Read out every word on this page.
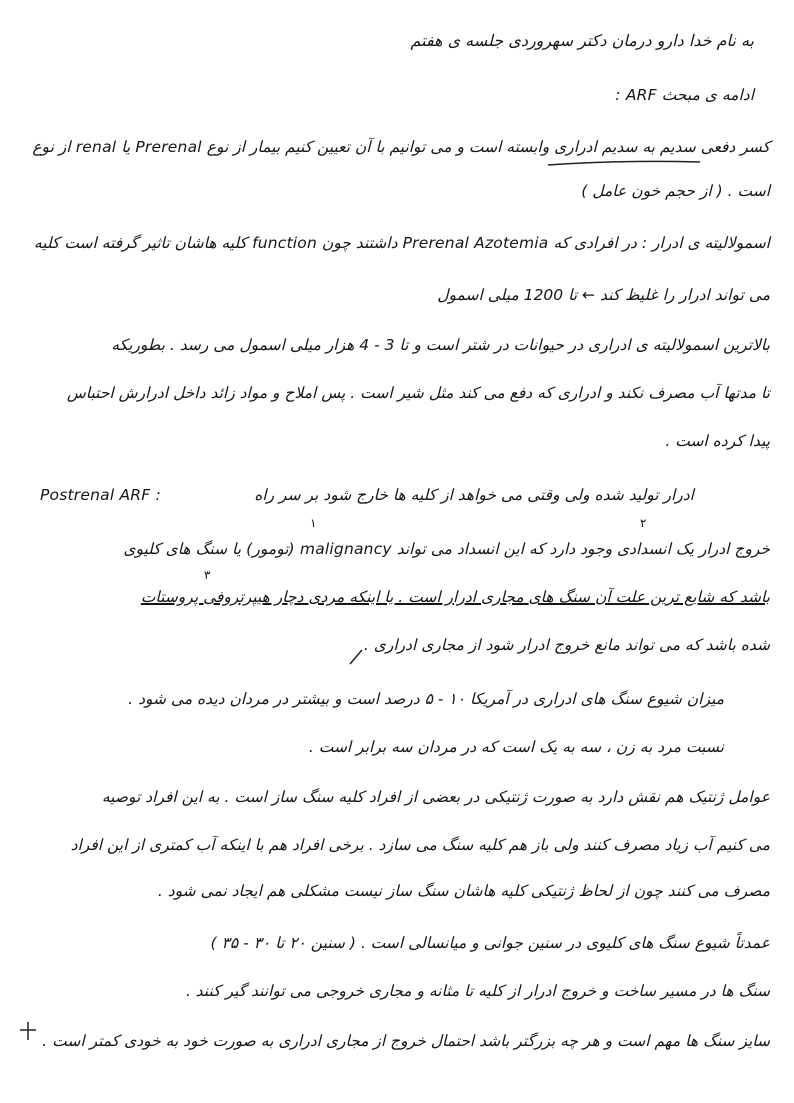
به نام خدا دارو درمان دکتر سهروردی جلسه ی هفتم
ادامه ی مبحث ARF :
کسر دفعی سدیم به سدیم ادراری وابسته است و می توانیم با آن تعیین کنیم بیمار از نوع Prerenal یا renal از نوع
است . ( از حجم خون عامل )
اسمولالیته ی ادرار : در افرادی که Prerenal Azotemia داشتند چون function کلیه هاشان تاثیر گرفته است کلیه
می تواند ادرار را غلیظ کند ← تا 1200 میلی اسمول
بالاترین اسمولالیته ی ادراری در حیوانات در شتر است و تا 3 - 4 هزار میلی اسمول می رسد . بطوریکه
تا مدتها آب مصرف نکند و ادراری که دفع می کند مثل شیر است . پس املاح و مواد زائد داخل ادرارش احتباس
پیدا کرده است .
ادرار تولید شده ولی وقتی می خواهد از کلیه ها خارج شود بر سر راه
Postrenal ARF :
خروج ادرار یک انسدادی وجود دارد که این انسداد می تواند malignancy (تومور) یا سنگ های کلیوی
باشد که شایع ترین علت آن سنگ های مجاری ادرار است . یا اینکه مردی دچار هیپرتروفی پروستات
شده باشد که می تواند مانع خروج ادرار شود از مجاری ادراری .
میزان شیوع سنگ های ادراری در آمریکا ۱۰ - ۵ درصد است و بیشتر در مردان دیده می شود .
نسبت مرد به زن ، سه به یک است که در مردان سه برابر است .
عوامل ژنتیک هم نقش دارد به صورت ژنتیکی در بعضی از افراد کلیه سنگ ساز است . به این افراد توصیه
می کنیم آب زیاد مصرف کنند ولی باز هم کلیه سنگ می سازد . برخی افراد هم با اینکه آب کمتری از این افراد
مصرف می کنند چون از لحاظ ژنتیکی کلیه هاشان سنگ ساز نیست مشکلی هم ایجاد نمی شود .
عمدتاً شیوع سنگ های کلیوی در سنین جوانی و میانسالی است . ( سنین ۲۰ تا ۳۰ - ۳۵ )
سنگ ها در مسیر ساخت و خروج ادرار از کلیه تا مثانه و مجاری خروجی می توانند گیر کنند .
سایز سنگ ها مهم است و هر چه بزرگتر باشد احتمال خروج از مجاری ادراری به صورت خود به خودی کمتر است .
۱	۲
۳
